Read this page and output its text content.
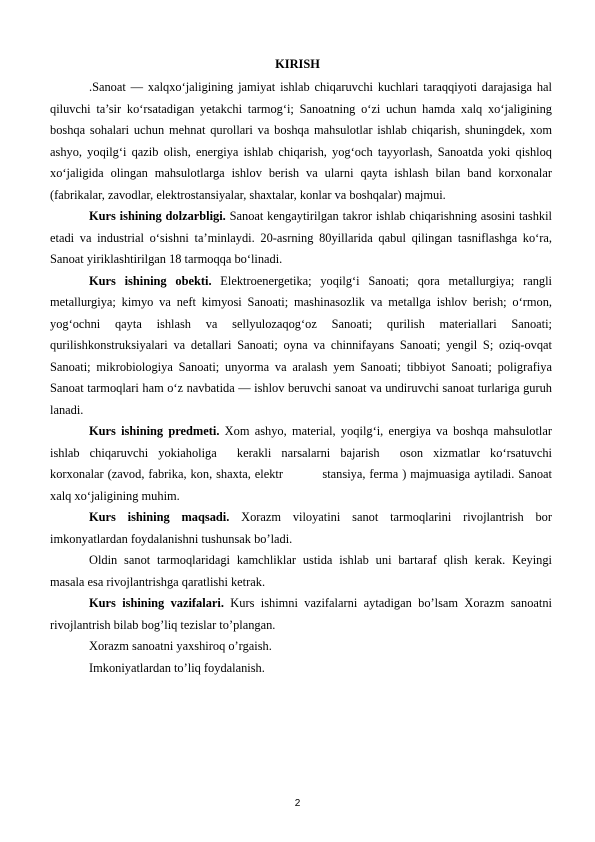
KIRISH

.Sanoat — xalqxo‘jaligining jamiyat ishlab chiqaruvchi kuchlari taraqqiyoti darajasiga hal qiluvchi ta’sir ko‘rsatadigan yetakchi tarmog‘i; Sanoatning o‘zi uchun hamda xalq xo‘jaligining boshqa sohalari uchun mehnat qurollari va boshqa mahsulotlar ishlab chiqarish, shuningdek, xom ashyo, yoqilg‘i qazib olish, energiya ishlab chiqarish, yog‘och tayyorlash, Sanoatda yoki qishloq xo‘jaligida olingan mahsulotlarga ishlov berish va ularni qayta ishlash bilan band korxonalar (fabrikalar, zavodlar, elektrostansiyalar, shaxtalar, konlar va boshqalar) majmui.

Kurs ishining dolzarbligi. Sanoat kengaytirilgan takror ishlab chiqarishning asosini tashkil etadi va industrial o‘sishni ta’minlaydi. 20-asrning 80yillarida qabul qilingan tasniflashga ko‘ra, Sanoat yiriklashtirilgan 18 tarmoqqa bo‘linadi.

Kurs ishining obekti. Elektroenergetika; yoqilg‘i Sanoati; qora metallurgiya; rangli metallurgiya; kimyo va neft kimyosi Sanoati; mashinasozlik va metallga ishlov berish; o‘rmon, yog‘ochni qayta ishlash va sellyulozaqog‘oz Sanoati; qurilish materiallari Sanoati; qurilishkonstruksiyalari va detallari Sanoati; oyna va chinnifayans Sanoati; yengil S; oziq-ovqat Sanoati; mikrobiologiya Sanoati; unyorma va aralash yem Sanoati; tibbiyot Sanoati; poligrafiya Sanoat tarmoqlari ham o‘z navbatida — ishlov beruvchi sanoat va undiruvchi sanoat turlariga guruh lanadi.

Kurs ishining predmeti. Xom ashyo, material, yoqilg‘i, energiya va boshqa mahsulotlar ishlab chiqaruvchi yokiaholiga  kerakli narsalarni bajarish  oson xizmatlar ko‘rsatuvchi          korxonalar (zavod, fabrika, kon, shaxta, elektr          stansiya, ferma ) majmuasiga aytiladi. Sanoat xalq xo‘jaligining muhim.

Kurs ishining maqsadi. Xorazm viloyatini sanot tarmoqlarini rivojlantrish bor imkonyatlardan foydalanishni tushunsak bo’ladi.

Oldin sanot tarmoqlaridagi kamchliklar ustida ishlab uni bartaraf qlish kerak. Keyingi masala esa rivojlantrishga qaratlishi ketrak.

Kurs ishining vazifalari. Kurs ishimni vazifalarni aytadigan bo’lsam Xorazm sanoatni rivojlantrish bilab bog’liq tezislar to’plangan.

Xorazm sanoatni yaxshiroq o’rgaish.

Imkoniyatlardan to’liq foydalanish.

2
